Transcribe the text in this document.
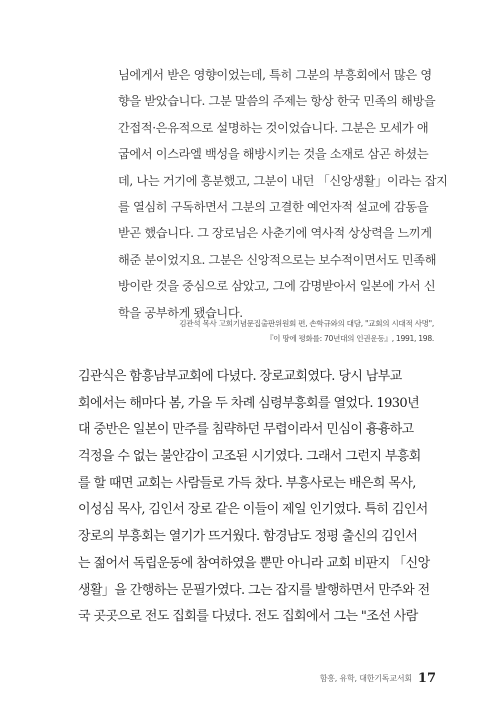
님에게서 받은 영향이었는데, 특히 그분의 부흥회에서 많은 영
향을 받았습니다. 그분 말씀의 주제는 항상 한국 민족의 해방을
간접적·은유적으로 설명하는 것이었습니다. 그분은 모세가 애
굽에서 이스라엘 백성을 해방시키는 것을 소재로 삼곤 하셨는
데, 나는 거기에 흥분했고, 그분이 내던 「신앙생활」이라는 잡지
를 열심히 구독하면서 그분의 고결한 예언자적 설교에 감동을
받곤 했습니다. 그 장로님은 사춘기에 역사적 상상력을 느끼게
해준 분이었지요. 그분은 신앙적으로는 보수적이면서도 민족해
방이란 것을 중심으로 삼았고, 그에 감명받아서 일본에 가서 신
학을 공부하게 됐습니다.
김관석 목사 고희기념문집출판위원회 편, 손학규와의 대담, "교회의 시대적 사명",
『이 땅에 평화를: 70년대의 인권운동』, 1991, 198.
김관식은 함흥남부교회에 다녔다. 장로교회였다. 당시 남부교
회에서는 해마다 봄, 가을 두 차례 심령부흥회를 열었다. 1930년
대 중반은 일본이 만주를 침략하던 무렵이라서 민심이 흉흉하고
걱정을 수 없는 불안감이 고조된 시기였다. 그래서 그런지 부흥회
를 할 때면 교회는 사람들로 가득 찼다. 부흥사로는 배은희 목사,
이성심 목사, 김인서 장로 같은 이들이 제일 인기였다. 특히 김인서
장로의 부흥회는 열기가 뜨거웠다. 함경남도 정평 출신의 김인서
는 젊어서 독립운동에 참여하였을 뿐만 아니라 교회 비판지 「신앙
생활」을 간행하는 문필가였다. 그는 잡지를 발행하면서 만주와 전
국 곳곳으로 전도 집회를 다녔다. 전도 집회에서 그는 "조선 사람
함흥, 유학, 대한기독교서회 17
